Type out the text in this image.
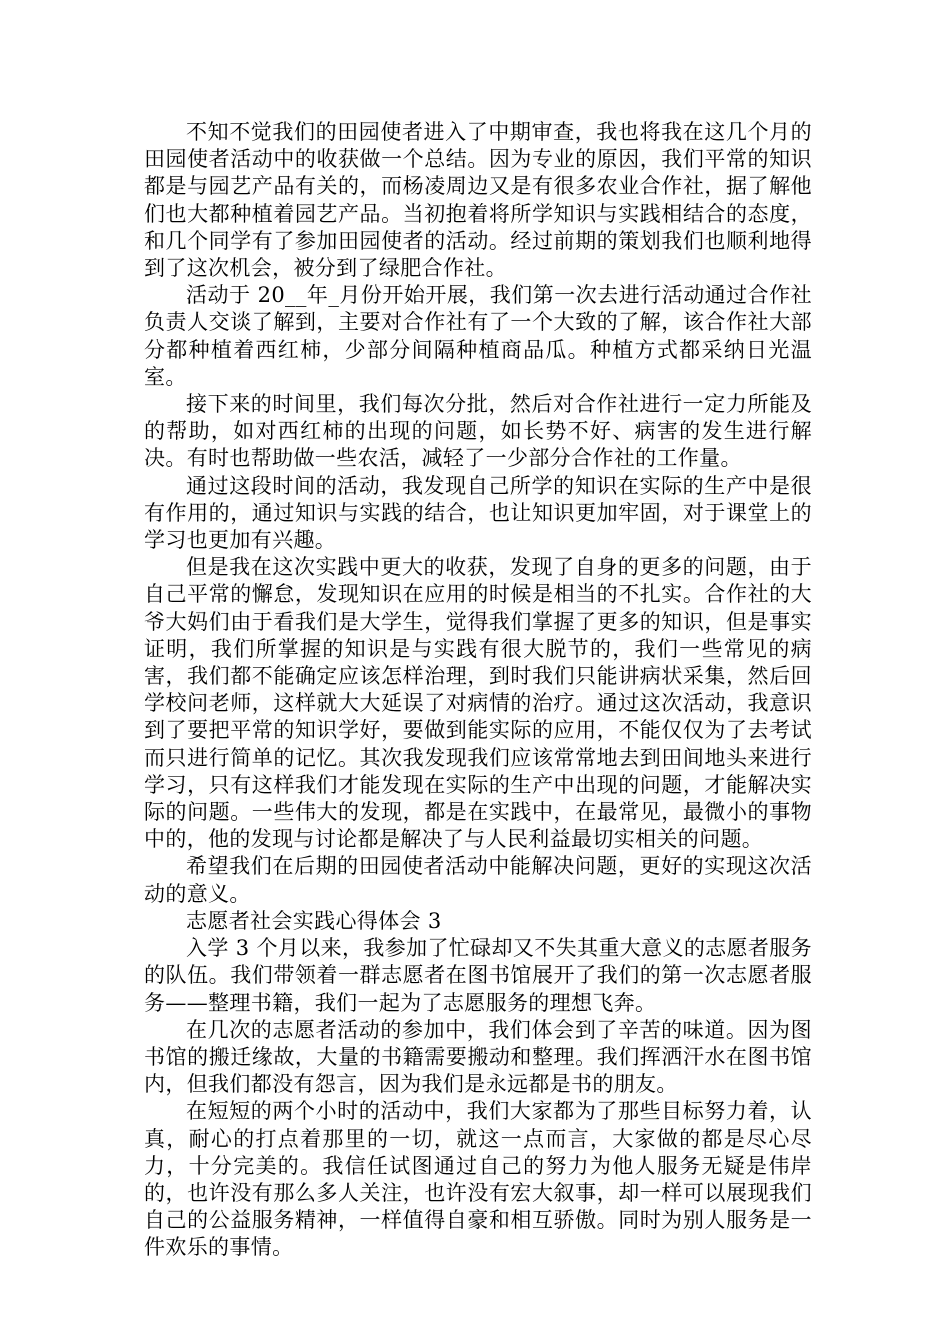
不知不觉我们的田园使者进入了中期审查，我也将我在这几个月的田园使者活动中的收获做一个总结。因为专业的原因，我们平常的知识都是与园艺产品有关的，而杨凌周边又是有很多农业合作社，据了解他们也大都种植着园艺产品。当初抱着将所学知识与实践相结合的态度，和几个同学有了参加田园使者的活动。经过前期的策划我们也顺利地得到了这次机会，被分到了绿肥合作社。

活动于 20__年_月份开始开展，我们第一次去进行活动通过合作社负责人交谈了解到，主要对合作社有了一个大致的了解，该合作社大部分都种植着西红柿，少部分间隔种植商品瓜。种植方式都采纳日光温室。

接下来的时间里，我们每次分批，然后对合作社进行一定力所能及的帮助，如对西红柿的出现的问题，如长势不好、病害的发生进行解决。有时也帮助做一些农活，减轻了一少部分合作社的工作量。

通过这段时间的活动，我发现自己所学的知识在实际的生产中是很有作用的，通过知识与实践的结合，也让知识更加牢固，对于课堂上的学习也更加有兴趣。

但是我在这次实践中更大的收获，发现了自身的更多的问题，由于自己平常的懈怠，发现知识在应用的时候是相当的不扎实。合作社的大爷大妈们由于看我们是大学生，觉得我们掌握了更多的知识，但是事实证明，我们所掌握的知识是与实践有很大脱节的，我们一些常见的病害，我们都不能确定应该怎样治理，到时我们只能讲病状采集，然后回学校问老师，这样就大大延误了对病情的治疗。通过这次活动，我意识到了要把平常的知识学好，要做到能实际的应用，不能仅仅为了去考试而只进行简单的记忆。其次我发现我们应该常常地去到田间地头来进行学习，只有这样我们才能发现在实际的生产中出现的问题，才能解决实际的问题。一些伟大的发现，都是在实践中，在最常见，最微小的事物中的，他的发现与讨论都是解决了与人民利益最切实相关的问题。

希望我们在后期的田园使者活动中能解决问题，更好的实现这次活动的意义。

志愿者社会实践心得体会 3

入学 3 个月以来，我参加了忙碌却又不失其重大意义的志愿者服务的队伍。我们带领着一群志愿者在图书馆展开了我们的第一次志愿者服务——整理书籍，我们一起为了志愿服务的理想飞奔。

在几次的志愿者活动的参加中，我们体会到了辛苦的味道。因为图书馆的搬迁缘故，大量的书籍需要搬动和整理。我们挥洒汗水在图书馆内，但我们都没有怨言，因为我们是永远都是书的朋友。

在短短的两个小时的活动中，我们大家都为了那些目标努力着，认真，耐心的打点着那里的一切，就这一点而言，大家做的都是尽心尽力，十分完美的。我信任试图通过自己的努力为他人服务无疑是伟岸的，也许没有那么多人关注，也许没有宏大叙事，却一样可以展现我们自己的公益服务精神，一样值得自豪和相互骄傲。同时为别人服务是一件欢乐的事情。
